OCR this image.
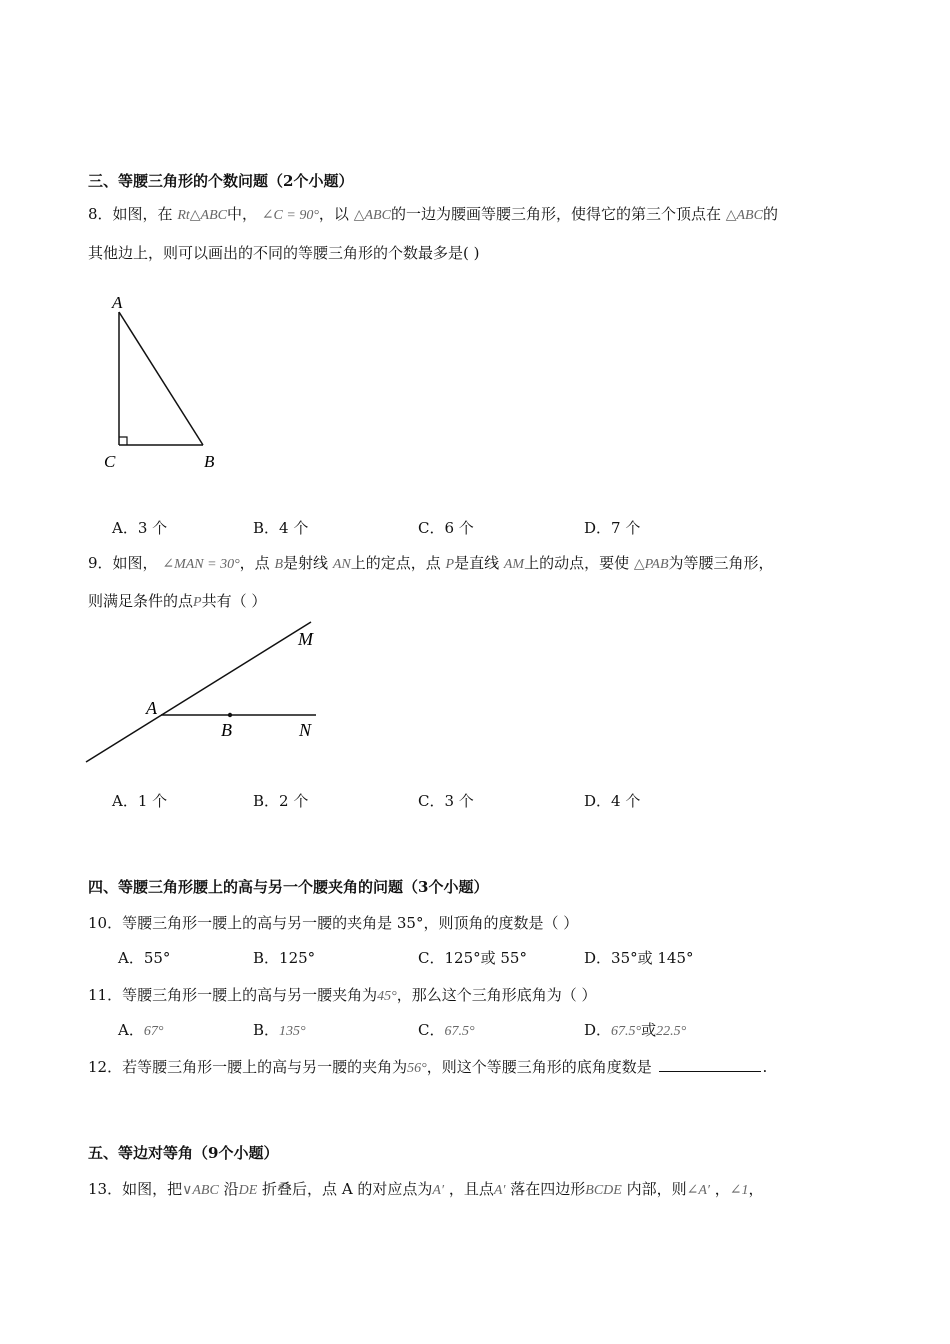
三、等腰三角形的个数问题（2个小题）
8．如图，在 Rt△ABC中， ∠C = 90°，以 △ABC的一边为腰画等腰三角形，使得它的第三个顶点在 △ABC的
其他边上，则可以画出的不同的等腰三角形的个数最多是( )
A
C	B
A．3 个	B．4 个	C．6 个	D．7 个
9．如图， ∠MAN = 30°，点 B是射线 AN上的定点，点 P是直线 AM上的动点，要使 △PAB为等腰三角形，
则满足条件的点P共有（ ）
M
A
B	N
A．1 个	B．2 个	C．3 个	D．4 个
四、等腰三角形腰上的高与另一个腰夹角的问题（3个小题）
10．等腰三角形一腰上的高与另一腰的夹角是 35°，则顶角的度数是（ ）
A．55°	B．125°	C．125°或 55°	D．35°或 145°
11．等腰三角形一腰上的高与另一腰夹角为45°，那么这个三角形底角为（ ）
A．67°	B．135°	C．67.5°	D．67.5°或22.5°
12．若等腰三角形一腰上的高与另一腰的夹角为56°，则这个等腰三角形的底角度数是	.
五、等边对等角（9个小题）
13．如图，把∨ABC 沿DE 折叠后，点 A 的对应点为A′ ，且点A′ 落在四边形BCDE 内部，则∠A′ ，∠1，
